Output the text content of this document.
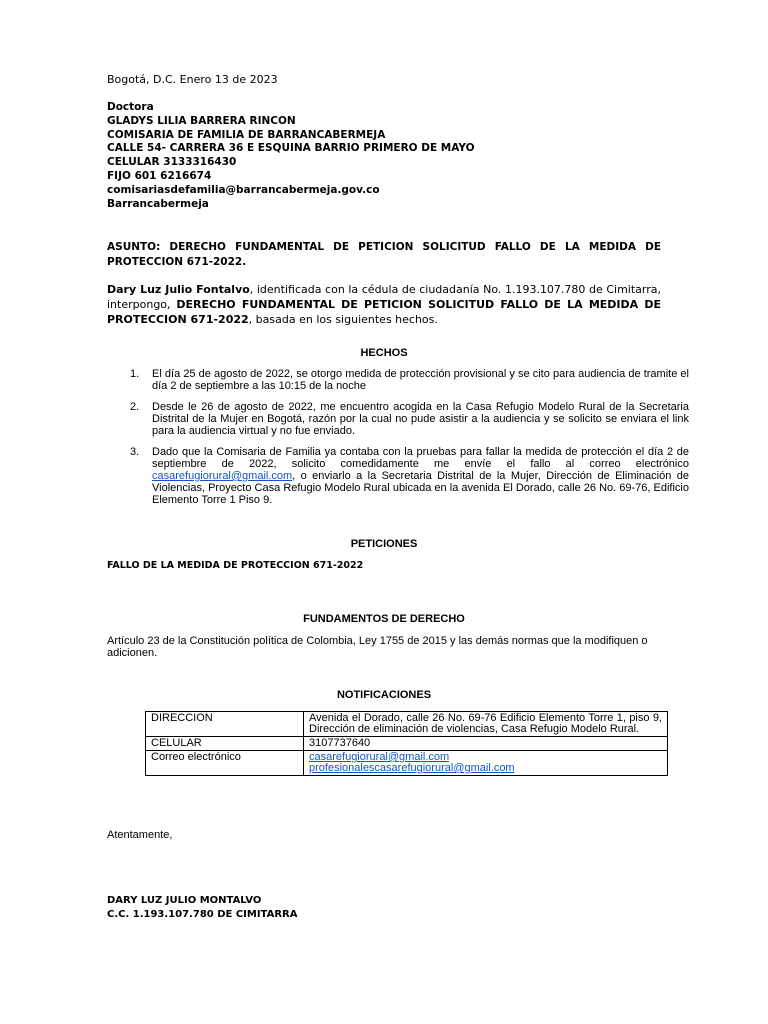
Bogotá, D.C. Enero 13 de 2023
Doctora
GLADYS LILIA BARRERA RINCON
COMISARIA DE FAMILIA DE BARRANCABERMEJA
CALLE 54- CARRERA 36 E ESQUINA BARRIO PRIMERO DE MAYO
CELULAR 3133316430
FIJO 601 6216674
comisariasdefamilia@barrancabermeja.gov.co
Barrancabermeja
ASUNTO: DERECHO FUNDAMENTAL DE PETICION SOLICITUD FALLO DE LA MEDIDA DE PROTECCION 671-2022.
Dary Luz Julio Fontalvo, identificada con la cédula de ciudadanía No. 1.193.107.780 de Cimitarra, interpongo, DERECHO FUNDAMENTAL DE PETICION SOLICITUD FALLO DE LA MEDIDA DE PROTECCION 671-2022, basada en los siguientes hechos.
HECHOS
1. El día 25 de agosto de 2022, se otorgo medida de protección provisional y se cito para audiencia de tramite el día 2 de septiembre a las 10:15 de la noche
2. Desde le 26 de agosto de 2022, me encuentro acogida en la Casa Refugio Modelo Rural de la Secretaria Distrital de la Mujer en Bogotá, razón por la cual no pude asistir a la audiencia y se solicito se enviara el link para la audiencia virtual y no fue enviado.
3. Dado que la Comisaria de Familia ya contaba con la pruebas para fallar la medida de protección el día 2 de septiembre de 2022, solicito comedidamente me envíe el fallo al correo electrónico casarefugiorural@gmail.com, o enviarlo a la Secretaria Distrital de la Mujer, Dirección de Eliminación de Violencias, Proyecto Casa Refugio Modelo Rural ubicada en la avenida El Dorado, calle 26 No. 69-76, Edificio Elemento Torre 1 Piso 9.
PETICIONES
FALLO DE LA MEDIDA DE PROTECCION 671-2022
FUNDAMENTOS DE DERECHO
Artículo 23 de la Constitución política de Colombia, Ley 1755 de 2015 y las demás normas que la modifiquen o adicionen.
NOTIFICACIONES
DIRECCION	Avenida el Dorado, calle 26 No. 69-76 Edificio Elemento Torre 1, piso 9, Dirección de eliminación de violencias, Casa Refugio Modelo Rural.
CELULAR	3107737640
Correo electrónico	casarefugiorural@gmail.com
profesionalescasarefugiorural@gmail.com
Atentamente,
DARY LUZ JULIO MONTALVO
C.C. 1.193.107.780 DE CIMITARRA
